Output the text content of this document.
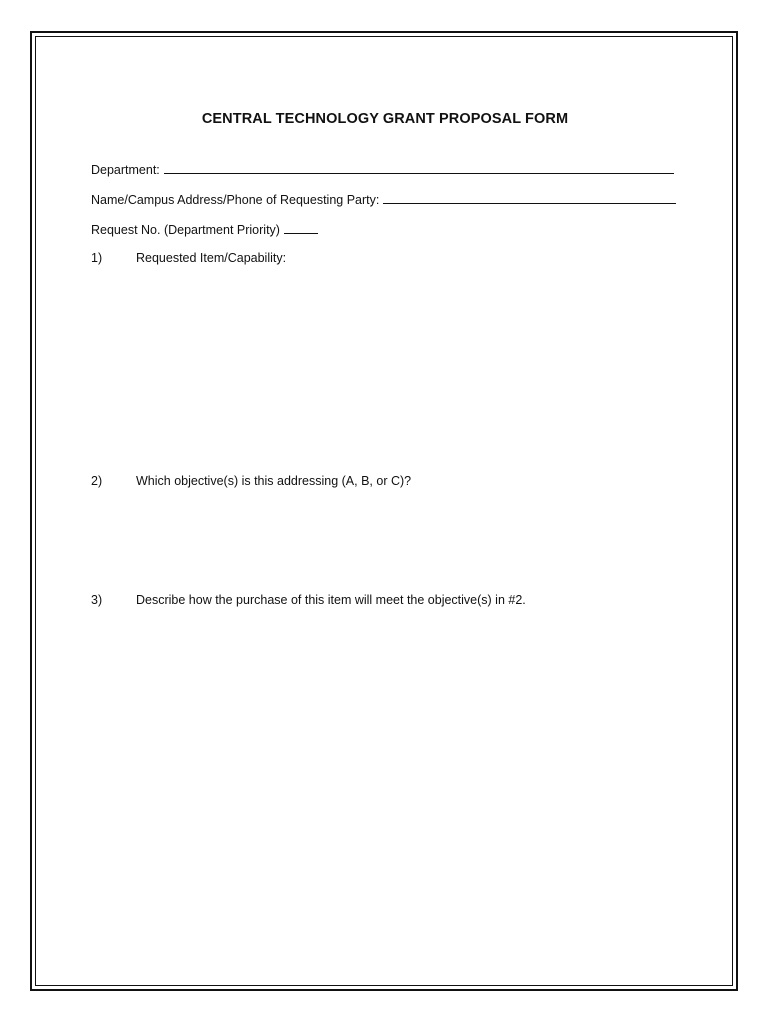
CENTRAL TECHNOLOGY GRANT PROPOSAL FORM
Department:
Name/Campus Address/Phone of Requesting Party:
Request No. (Department Priority)
1)	Requested Item/Capability:
2)	Which objective(s) is this addressing (A, B, or C)?
3)	Describe how the purchase of this item will meet the objective(s) in #2.
